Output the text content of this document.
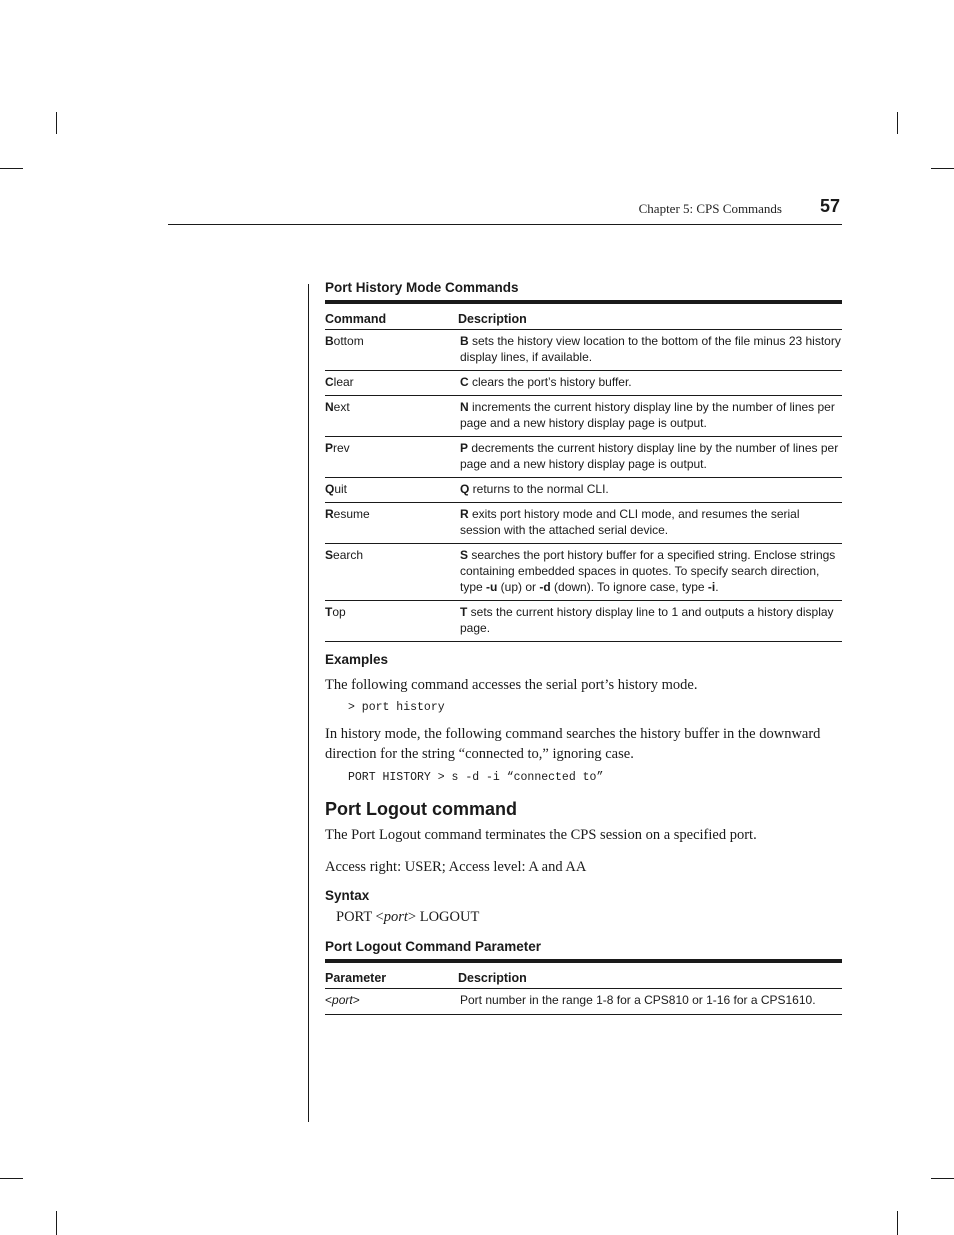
Chapter 5: CPS Commands	57
Port History Mode Commands
Command	Description
Bottom	B sets the history view location to the bottom of the file minus 23 history display lines, if available.
Clear	C clears the port’s history buffer.
Next	N increments the current history display line by the number of lines per page and a new history display page is output.
Prev	P decrements the current history display line by the number of lines per page and a new history display page is output.
Quit	Q returns to the normal CLI.
Resume	R exits port history mode and CLI mode, and resumes the serial session with the attached serial device.
Search	S searches the port history buffer for a specified string. Enclose strings containing embedded spaces in quotes. To specify search direction, type -u (up) or -d (down). To ignore case, type -i.
Top	T sets the current history display line to 1 and outputs a history display page.
Examples

The following command accesses the serial port’s history mode.

> port history

In history mode, the following command searches the history buffer in the downward direction for the string “connected to,” ignoring case.

PORT HISTORY > s -d -i “connected to”
Port Logout command

The Port Logout command terminates the CPS session on a specified port.

Access right: USER; Access level: A and AA

Syntax
PORT <port> LOGOUT
Port Logout Command Parameter
Parameter	Description
<port>	Port number in the range 1-8 for a CPS810 or 1-16 for a CPS1610.
